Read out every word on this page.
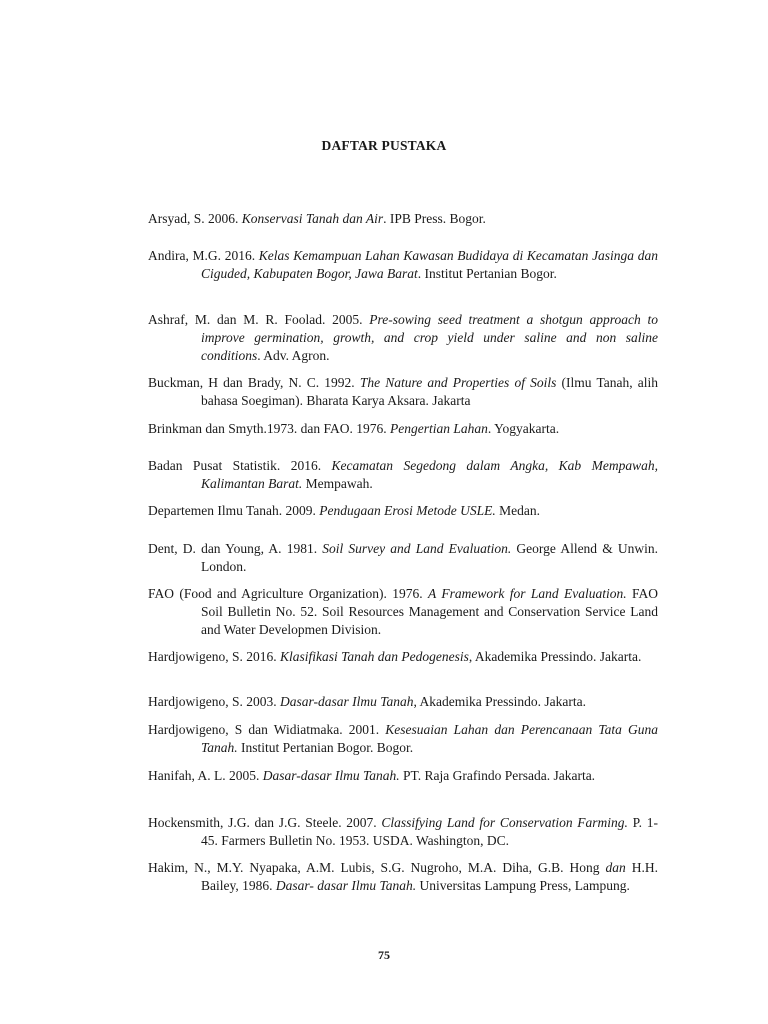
DAFTAR PUSTAKA
Arsyad, S. 2006. Konservasi Tanah dan Air. IPB Press. Bogor.
Andira, M.G. 2016. Kelas Kemampuan Lahan Kawasan Budidaya di Kecamatan Jasinga dan Ciguded, Kabupaten Bogor, Jawa Barat. Institut Pertanian Bogor.
Ashraf, M. dan M. R. Foolad. 2005. Pre-sowing seed treatment a shotgun approach to improve germination, growth, and crop yield under saline and non saline conditions. Adv. Agron.
Buckman, H dan Brady, N. C. 1992. The Nature and Properties of Soils (Ilmu Tanah, alih bahasa Soegiman). Bharata Karya Aksara. Jakarta
Brinkman dan Smyth.1973. dan FAO. 1976. Pengertian Lahan. Yogyakarta.
Badan Pusat Statistik. 2016. Kecamatan Segedong dalam Angka, Kab Mempawah, Kalimantan Barat. Mempawah.
Departemen Ilmu Tanah. 2009. Pendugaan Erosi Metode USLE. Medan.
Dent, D. dan Young, A. 1981. Soil Survey and Land Evaluation. George Allend & Unwin. London.
FAO (Food and Agriculture Organization). 1976. A Framework for Land Evaluation. FAO Soil Bulletin No. 52. Soil Resources Management and Conservation Service Land and Water Developmen Division.
Hardjowigeno, S. 2016. Klasifikasi Tanah dan Pedogenesis, Akademika Pressindo. Jakarta.
Hardjowigeno, S. 2003. Dasar-dasar Ilmu Tanah, Akademika Pressindo. Jakarta.
Hardjowigeno, S dan Widiatmaka. 2001. Kesesuaian Lahan dan Perencanaan Tata Guna Tanah. Institut Pertanian Bogor. Bogor.
Hanifah, A. L. 2005. Dasar-dasar Ilmu Tanah. PT. Raja Grafindo Persada. Jakarta.
Hockensmith, J.G. dan J.G. Steele. 2007. Classifying Land for Conservation Farming. P. 1-45. Farmers Bulletin No. 1953. USDA. Washington, DC.
Hakim, N., M.Y. Nyapaka, A.M. Lubis, S.G. Nugroho, M.A. Diha, G.B. Hong dan H.H. Bailey, 1986. Dasar- dasar Ilmu Tanah. Universitas Lampung Press, Lampung.
75
